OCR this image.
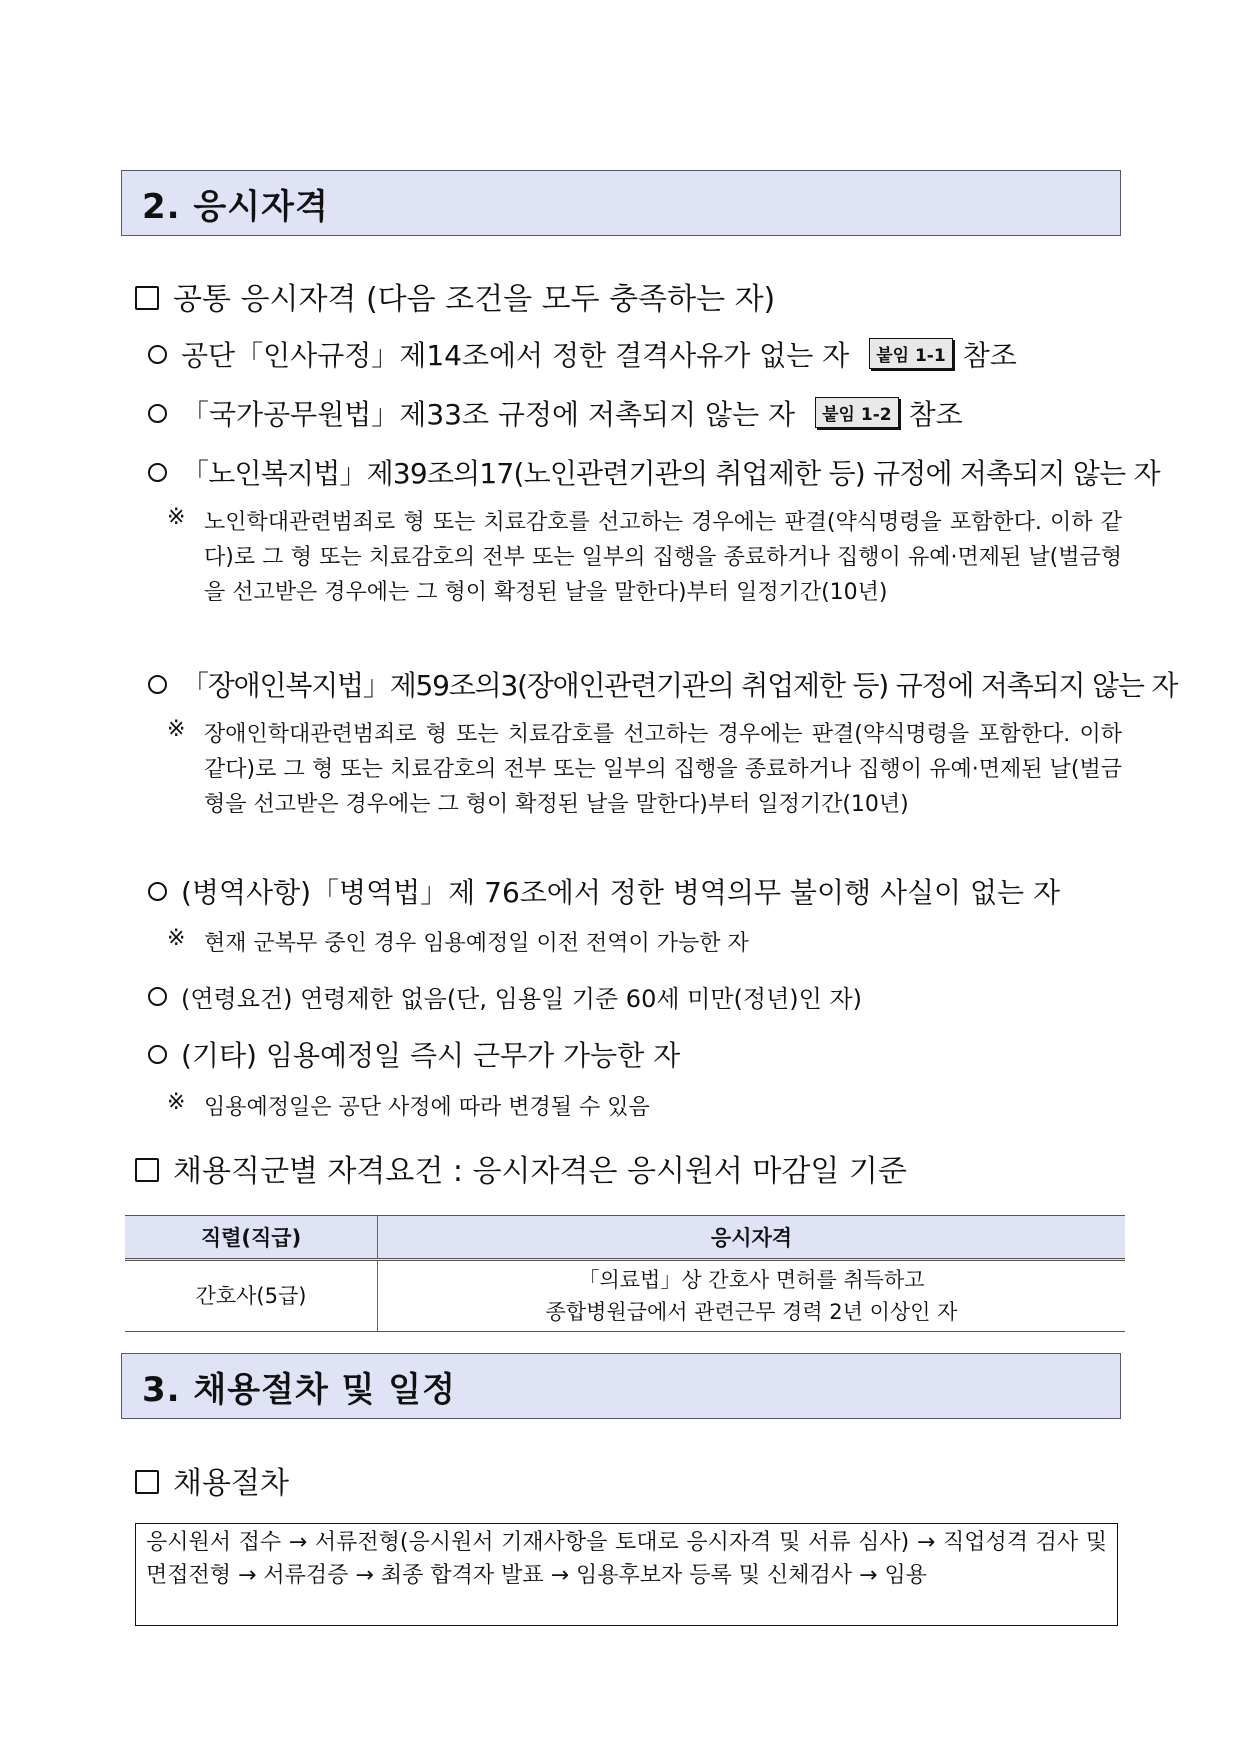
2. 응시자격
공통 응시자격 (다음 조건을 모두 충족하는 자)
공단「인사규정」제14조에서 정한 결격사유가 없는 자 붙임 1-1 참조
「국가공무원법」제33조 규정에 저촉되지 않는 자 붙임 1-2 참조
「노인복지법」제39조의17(노인관련기관의 취업제한 등) 규정에 저촉되지 않는 자
※ 노인학대관련범죄로 형 또는 치료감호를 선고하는 경우에는 판결(약식명령을 포함한다. 이하 같다)로 그 형 또는 치료감호의 전부 또는 일부의 집행을 종료하거나 집행이 유예·면제된 날(벌금형을 선고받은 경우에는 그 형이 확정된 날을 말한다)부터 일정기간(10년)
「장애인복지법」제59조의3(장애인관련기관의 취업제한 등) 규정에 저촉되지 않는 자
※ 장애인학대관련범죄로 형 또는 치료감호를 선고하는 경우에는 판결(약식명령을 포함한다. 이하 같다)로 그 형 또는 치료감호의 전부 또는 일부의 집행을 종료하거나 집행이 유예·면제된 날(벌금형을 선고받은 경우에는 그 형이 확정된 날을 말한다)부터 일정기간(10년)
(병역사항)「병역법」제 76조에서 정한 병역의무 불이행 사실이 없는 자
※ 현재 군복무 중인 경우 임용예정일 이전 전역이 가능한 자
(연령요건) 연령제한 없음(단, 임용일 기준 60세 미만(정년)인 자)
(기타) 임용예정일 즉시 근무가 가능한 자
※ 임용예정일은 공단 사정에 따라 변경될 수 있음
채용직군별 자격요건 : 응시자격은 응시원서 마감일 기준
직렬(직급)	응시자격
간호사(5급)	「의료법」상 간호사 면허를 취득하고
종합병원급에서 관련근무 경력 2년 이상인 자
3. 채용절차 및 일정
채용절차
응시원서 접수 → 서류전형(응시원서 기재사항을 토대로 응시자격 및 서류 심사) → 직업성격 검사 및 면접전형 → 서류검증 → 최종 합격자 발표 → 임용후보자 등록 및 신체검사 → 임용
